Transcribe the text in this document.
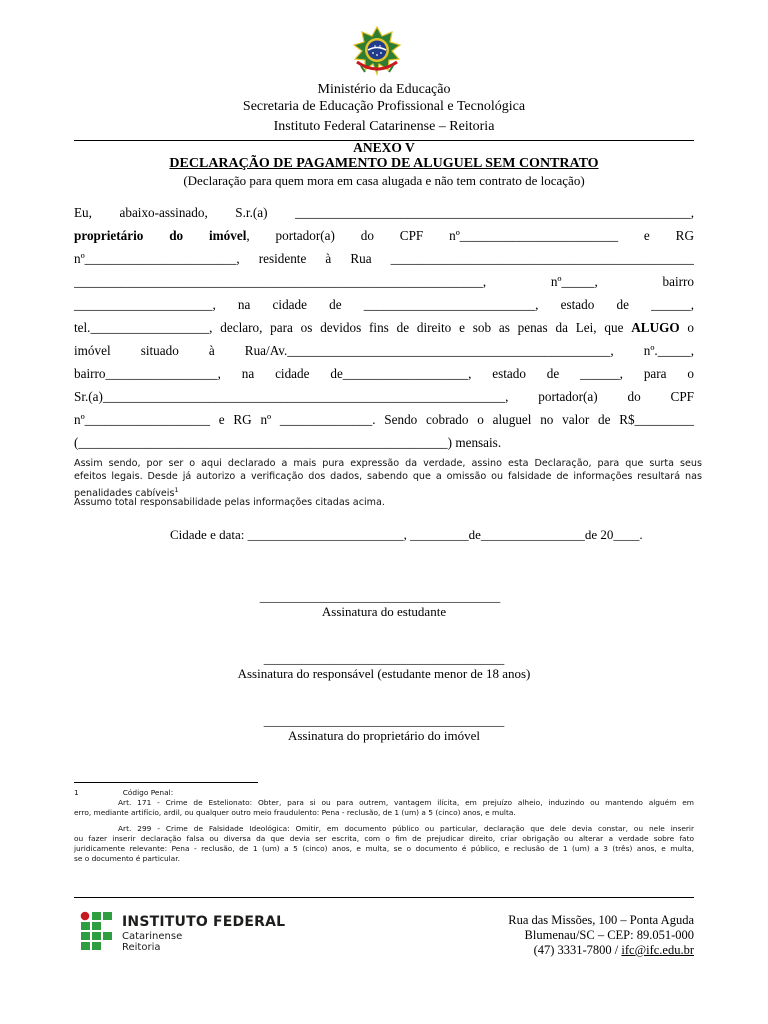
Ministério da Educação
Secretaria de Educação Profissional e Tecnológica
Instituto Federal Catarinense – Reitoria
ANEXO V
DECLARAÇÃO DE PAGAMENTO DE ALUGUEL SEM CONTRATO
(Declaração para quem mora em casa alugada e não tem contrato de locação)
Eu, abaixo-assinado, S.r.(a) ____________________________________________________________,
proprietário do imóvel, portador(a) do CPF nº________________________ e RG
nº_______________________, residente à Rua ______________________________________________
______________________________________________________________, nº_____, bairro
_____________________, na cidade de __________________________, estado de ______,
tel.__________________, declaro, para os devidos fins de direito e sob as penas da Lei, que ALUGO o
imóvel situado à Rua/Av._________________________________________________, nº._____,
bairro_________________, na cidade de___________________, estado de ______, para o
Sr.(a)_____________________________________________________________, portador(a) do CPF
nº___________________ e RG nº ______________. Sendo cobrado o aluguel no valor de R$_________
(________________________________________________________) mensais.
Assim sendo, por ser o aqui declarado a mais pura expressão da verdade, assino esta Declaração, para que surta seus
efeitos legais. Desde já autorizo a verificação dos dados, sabendo que a omissão ou falsidade de informações resultará nas
penalidades cabíveis$^1$
Assumo total responsabilidade pelas informações citadas acima.
Cidade e data: ________________________, _________de________________de 20____.
_____________________________________
Assinatura do estudante
_____________________________________
Assinatura do responsável (estudante menor de 18 anos)
_____________________________________
Assinatura do proprietário do imóvel
1	Código Penal:
Art. 171 - Crime de Estelionato: Obter, para si ou para outrem, vantagem ilícita, em prejuízo alheio, induzindo ou mantendo alguém em
erro, mediante artifício, ardil, ou qualquer outro meio fraudulento: Pena - reclusão, de 1 (um) a 5 (cinco) anos, e multa.
Art. 299 - Crime de Falsidade Ideológica: Omitir, em documento público ou particular, declaração que dele devia constar, ou nele inserir
ou fazer inserir declaração falsa ou diversa da que devia ser escrita, com o fim de prejudicar direito, criar obrigação ou alterar a verdade sobre fato
juridicamente relevante: Pena - reclusão, de 1 (um) a 5 (cinco) anos, e multa, se o documento é público, e reclusão de 1 (um) a 3 (três) anos, e multa,
se o documento é particular.
INSTITUTO FEDERAL
Catarinense
Reitoria
Rua das Missões, 100 – Ponta Aguda
Blumenau/SC – CEP: 89.051-000
(47) 3331-7800 / ifc@ifc.edu.br
